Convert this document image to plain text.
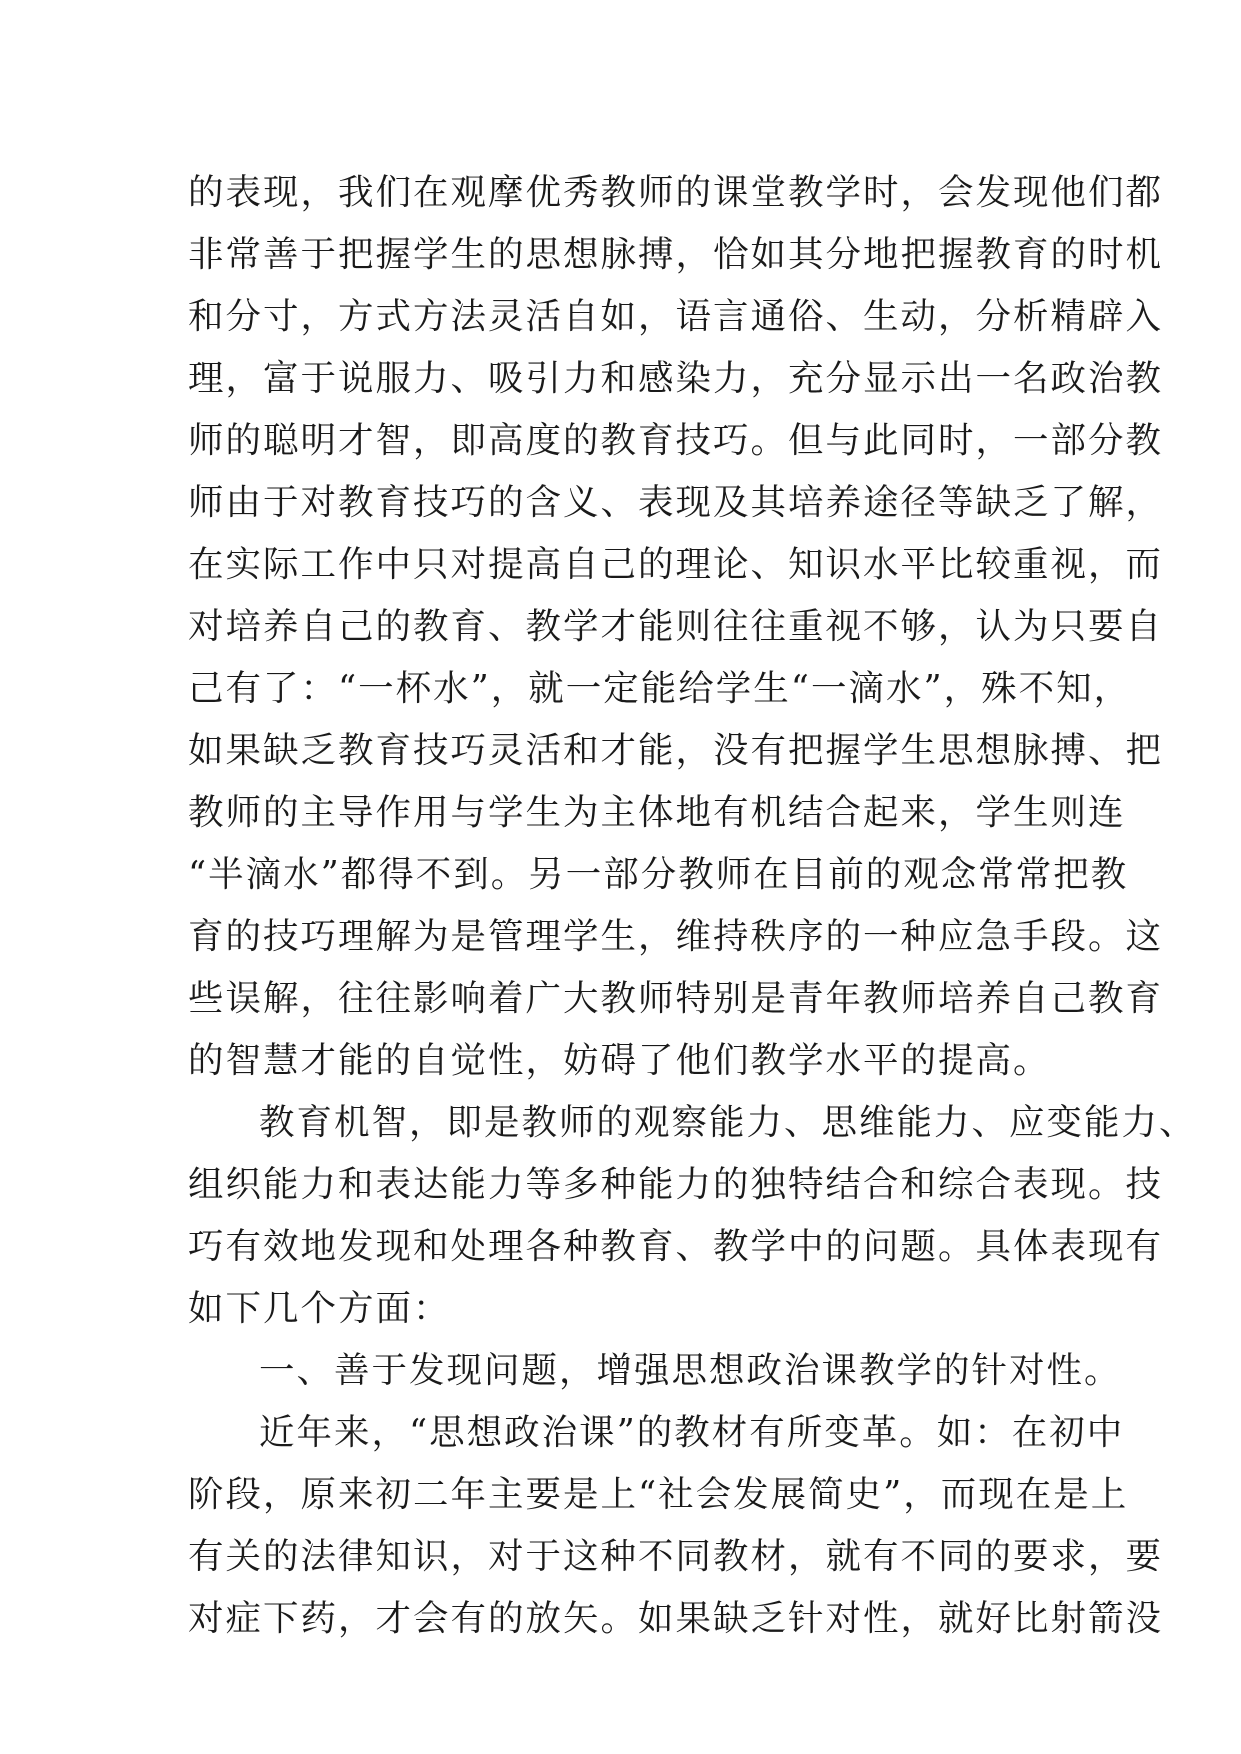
的表现，我们在观摩优秀教师的课堂教学时，会发现他们都
非常善于把握学生的思想脉搏，恰如其分地把握教育的时机
和分寸，方式方法灵活自如，语言通俗、生动，分析精辟入
理，富于说服力、吸引力和感染力，充分显示出一名政治教
师的聪明才智，即高度的教育技巧。但与此同时，一部分教
师由于对教育技巧的含义、表现及其培养途径等缺乏了解，
在实际工作中只对提高自己的理论、知识水平比较重视，而
对培养自己的教育、教学才能则往往重视不够，认为只要自
己有了：“一杯水”，就一定能给学生“一滴水”，殊不知，
如果缺乏教育技巧灵活和才能，没有把握学生思想脉搏、把
教师的主导作用与学生为主体地有机结合起来，学生则连
“半滴水”都得不到。另一部分教师在目前的观念常常把教
育的技巧理解为是管理学生，维持秩序的一种应急手段。这
些误解，往往影响着广大教师特别是青年教师培养自己教育
的智慧才能的自觉性，妨碍了他们教学水平的提高。
教育机智，即是教师的观察能力、思维能力、应变能力、
组织能力和表达能力等多种能力的独特结合和综合表现。技
巧有效地发现和处理各种教育、教学中的问题。具体表现有
如下几个方面：
一、善于发现问题，增强思想政治课教学的针对性。
近年来，“思想政治课”的教材有所变革。如：在初中
阶段，原来初二年主要是上“社会发展简史”，而现在是上
有关的法律知识，对于这种不同教材，就有不同的要求，要
对症下药，才会有的放矢。如果缺乏针对性，就好比射箭没
